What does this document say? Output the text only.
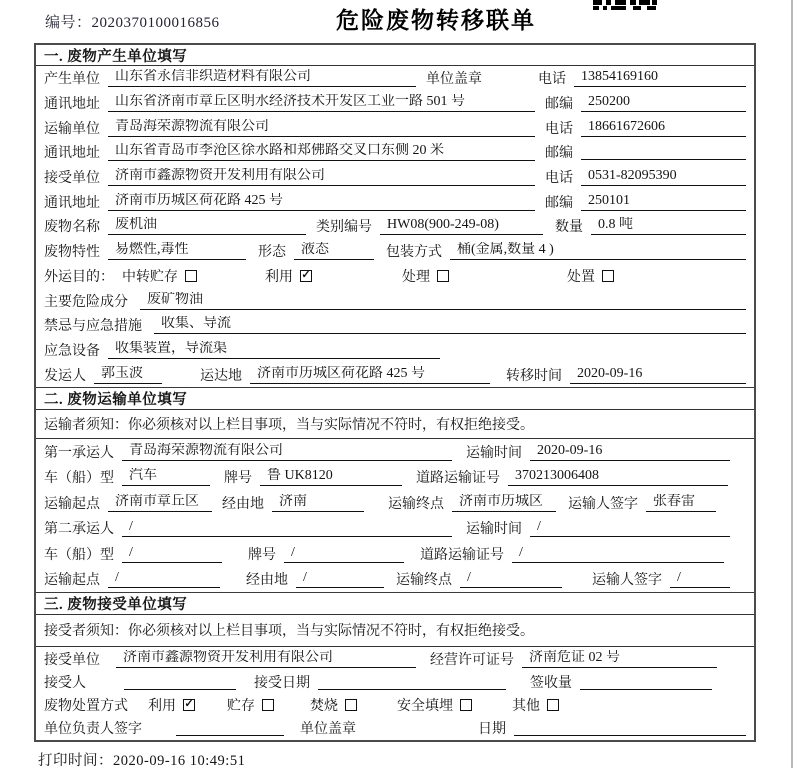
编号：2020370100016856	危险废物转移联单
一. 废物产生单位填写
产生单位	山东省永信非织造材料有限公司	单位盖章	电话	13854169160
通讯地址	山东省济南市章丘区明水经济技术开发区工业一路 501 号	邮编	250200
运输单位	青岛海荣源物流有限公司	电话	18661672606
通讯地址	山东省青岛市李沧区徐水路和郑佛路交叉口东侧 20 米	邮编
接受单位	济南市鑫源物资开发利用有限公司	电话	0531-82095390
通讯地址	济南市历城区荷花路 425 号	邮编	250101
废物名称	废机油	类别编号	HW08(900-249-08)	数量	0.8 吨
废物特性	易燃性,毒性	形态	液态	包装方式	桶(金属,数量 4 )
外运目的： 中转贮存	利用 ✓	处理	处置
主要危险成分	废矿物油
禁忌与应急措施	收集、导流
应急设备	收集装置，导流渠
发运人	郭玉波	运达地	济南市历城区荷花路 425 号	转移时间	2020-09-16
二. 废物运输单位填写
运输者须知：你必须核对以上栏目事项，当与实际情况不符时，有权拒绝接受。
第一承运人	青岛海荣源物流有限公司	运输时间	2020-09-16
车（船）型	汽车	牌号	鲁 UK8120	道路运输证号	370213006408
运输起点	济南市章丘区	经由地	济南	运输终点	济南市历城区	运输人签字	张春雷
第二承运人	/	运输时间	/
车（船）型	/	牌号	/	道路运输证号	/
运输起点	/	经由地	/	运输终点	/	运输人签字	/
三. 废物接受单位填写
接受者须知：你必须核对以上栏目事项，当与实际情况不符时，有权拒绝接受。
接受单位	济南市鑫源物资开发利用有限公司	经营许可证号	济南危证 02 号
接受人	接受日期	签收量
废物处置方式 利用 ✓ 贮存	焚烧	安全填埋	其他
单位负责人签字	单位盖章	日期
打印时间：2020-09-16 10:49:51
